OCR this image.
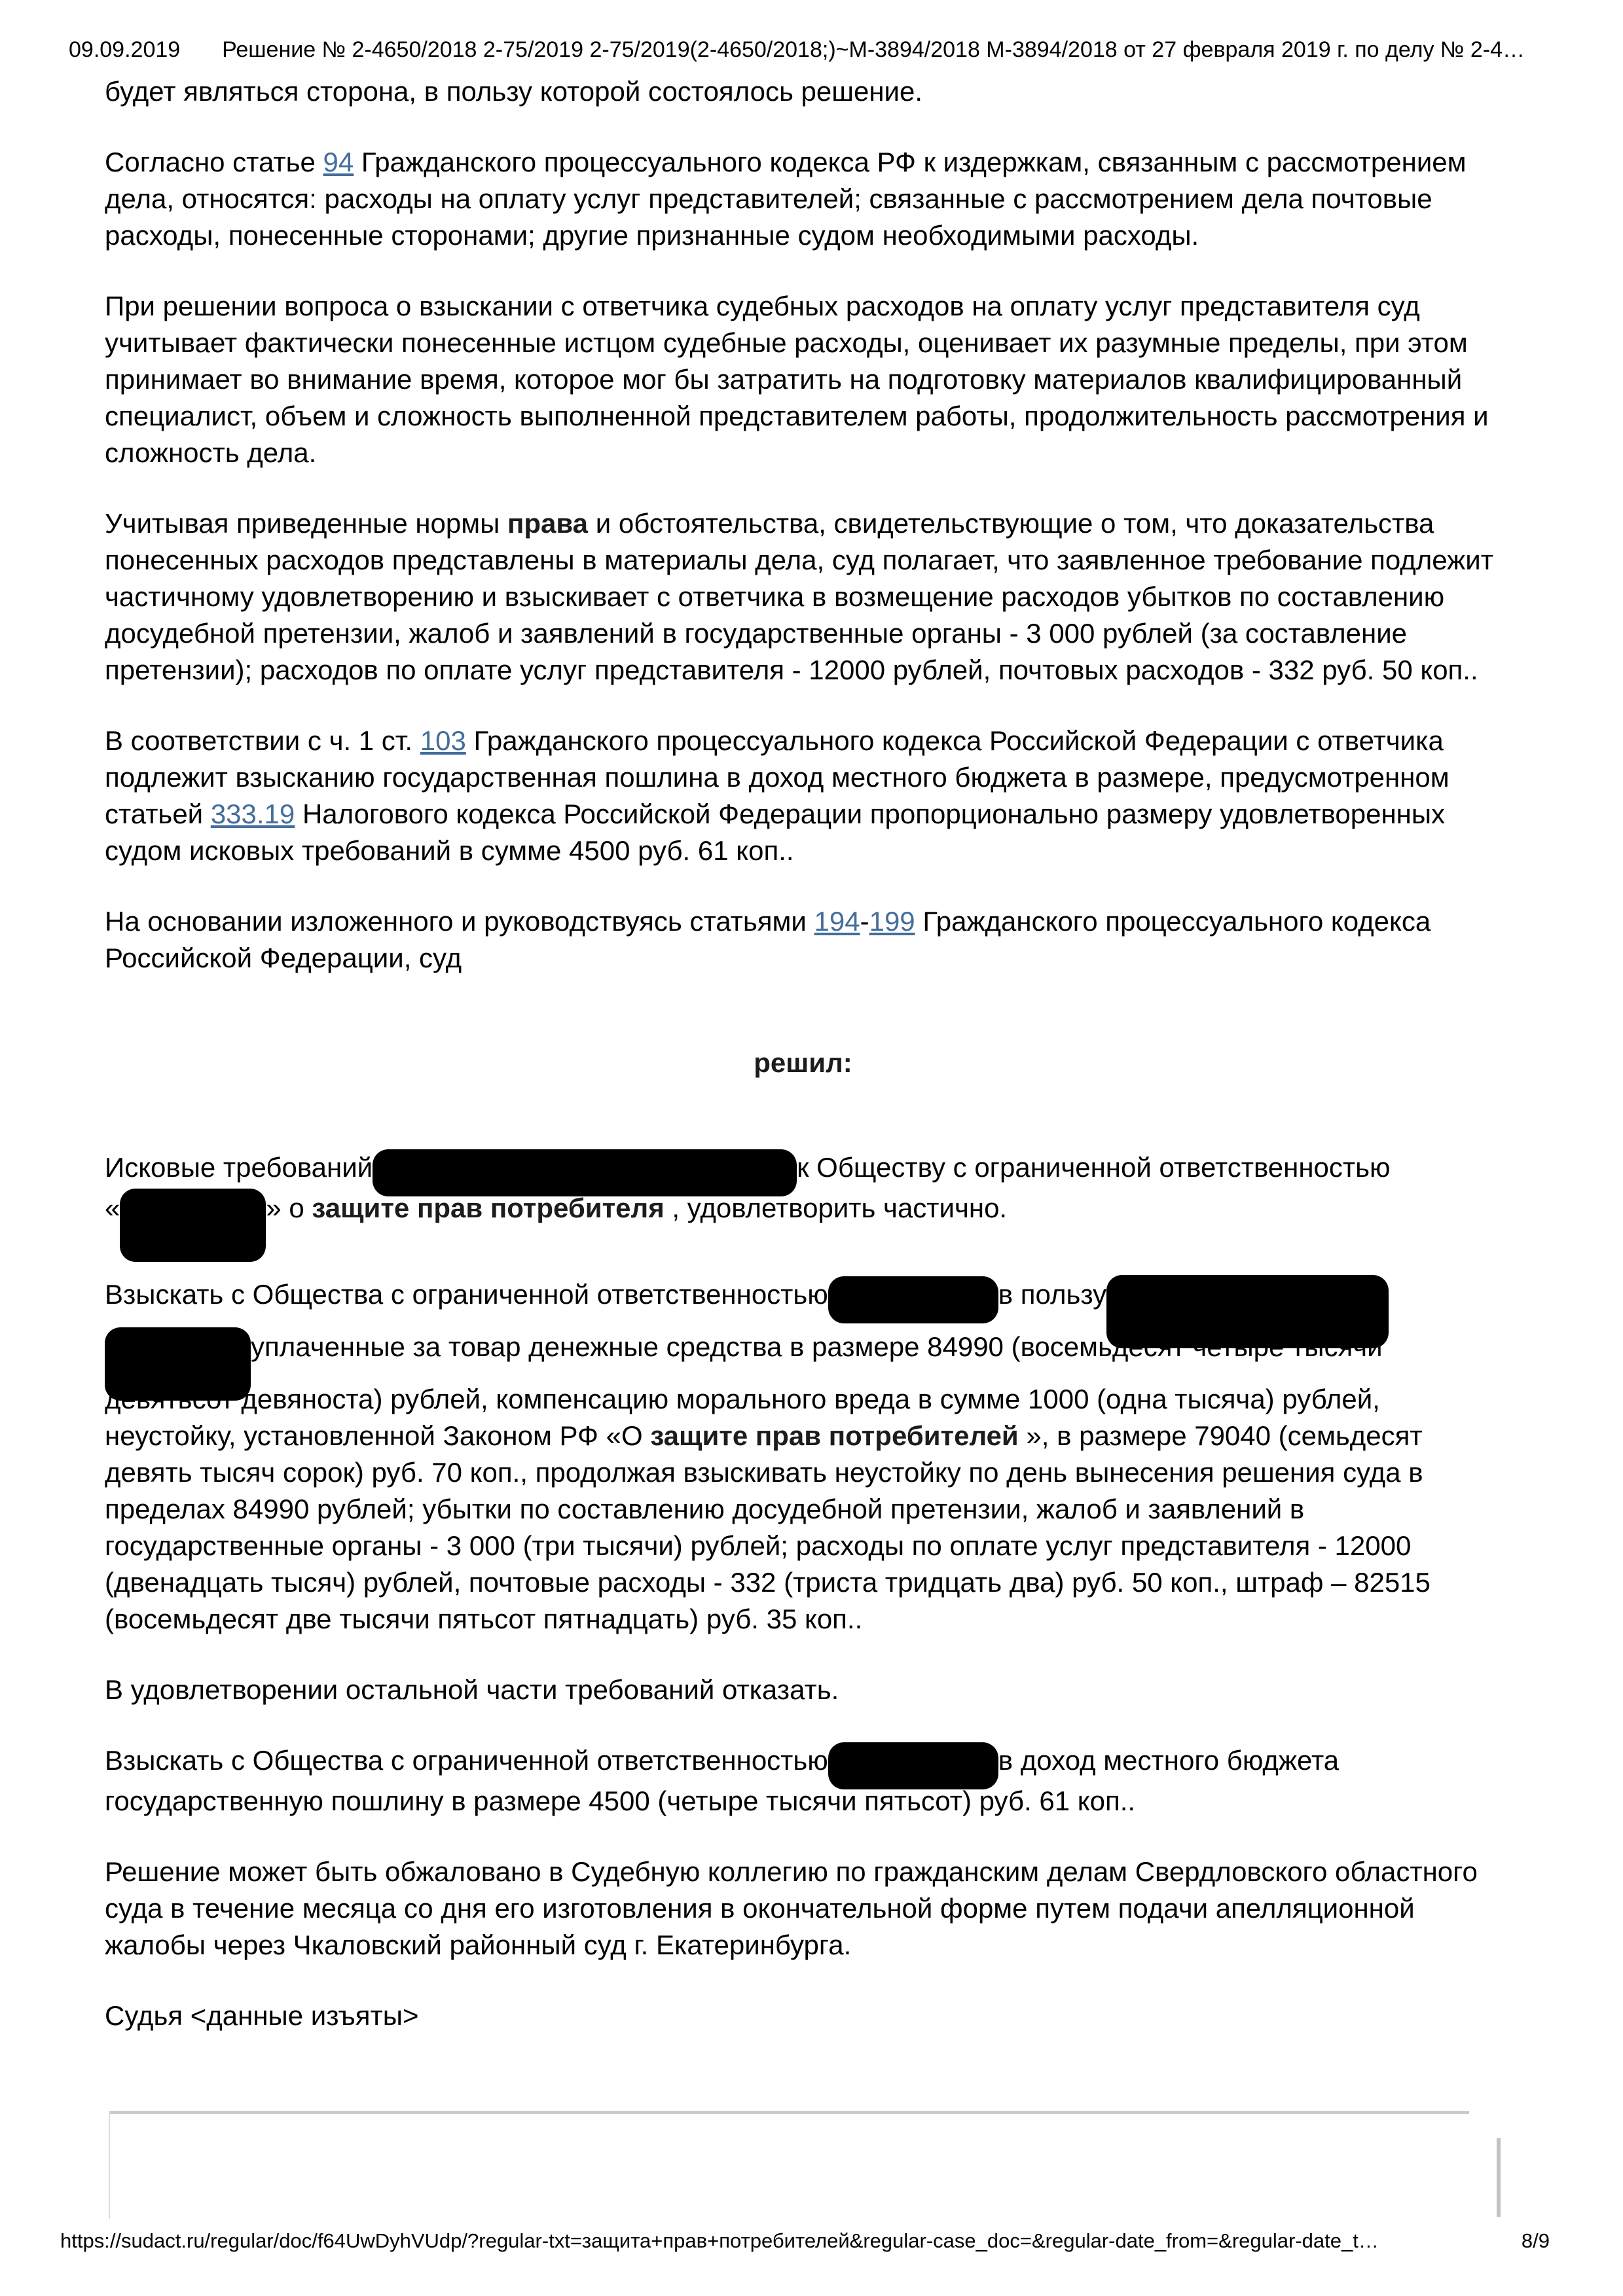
09.09.2019	Решение № 2-4650/2018 2-75/2019 2-75/2019(2-4650/2018;)~М-3894/2018 М-3894/2018 от 27 февраля 2019 г. по делу № 2-4…
будет являться сторона, в пользу которой состоялось решение.
Согласно статье 94 Гражданского процессуального кодекса РФ к издержкам, связанным с рассмотрением дела, относятся: расходы на оплату услуг представителей; связанные с рассмотрением дела почтовые расходы, понесенные сторонами; другие признанные судом необходимыми расходы.
При решении вопроса о взыскании с ответчика судебных расходов на оплату услуг представителя суд учитывает фактически понесенные истцом судебные расходы, оценивает их разумные пределы, при этом принимает во внимание время, которое мог бы затратить на подготовку материалов квалифицированный специалист, объем и сложность выполненной представителем работы, продолжительность рассмотрения и сложность дела.
Учитывая приведенные нормы права и обстоятельства, свидетельствующие о том, что доказательства понесенных расходов представлены в материалы дела, суд полагает, что заявленное требование подлежит частичному удовлетворению и взыскивает с ответчика в возмещение расходов убытков по составлению досудебной претензии, жалоб и заявлений в государственные органы - 3 000 рублей (за составление претензии); расходов по оплате услуг представителя - 12000 рублей, почтовых расходов - 332 руб. 50 коп..
В соответствии с ч. 1 ст. 103 Гражданского процессуального кодекса Российской Федерации с ответчика подлежит взысканию государственная пошлина в доход местного бюджета в размере, предусмотренном статьей 333.19 Налогового кодекса Российской Федерации пропорционально размеру удовлетворенных судом исковых требований в сумме 4500 руб. 61 коп..
На основании изложенного и руководствуясь статьями 194-199 Гражданского процессуального кодекса Российской Федерации, суд
решил:
Исковые требований	к Обществу с ограниченной ответственностью «	» о защите прав потребителя , удовлетворить частично.
Взыскать с Общества с ограниченной ответственностью	в пользу уплаченные за товар денежные средства в размере 84990 (восемьдесят четыре тысячи девятьсот девяноста) рублей, компенсацию морального вреда в сумме 1000 (одна тысяча) рублей, неустойку, установленной Законом РФ «О защите прав потребителей », в размере 79040 (семьдесят девять тысяч сорок) руб. 70 коп., продолжая взыскивать неустойку по день вынесения решения суда в пределах 84990 рублей; убытки по составлению досудебной претензии, жалоб и заявлений в государственные органы - 3 000 (три тысячи) рублей; расходы по оплате услуг представителя - 12000 (двенадцать тысяч) рублей, почтовые расходы - 332 (триста тридцать два) руб. 50 коп., штраф – 82515 (восемьдесят две тысячи пятьсот пятнадцать) руб. 35 коп..
В удовлетворении остальной части требований отказать.
Взыскать с Общества с ограниченной ответственностью	в доход местного бюджета государственную пошлину в размере 4500 (четыре тысячи пятьсот) руб. 61 коп..
Решение может быть обжаловано в Судебную коллегию по гражданским делам Свердловского областного суда в течение месяца со дня его изготовления в окончательной форме путем подачи апелляционной жалобы через Чкаловский районный суд г. Екатеринбурга.
Судья <данные изъяты>
https://sudact.ru/regular/doc/f64UwDyhVUdp/?regular-txt=защита+прав+потребителей&regular-case_doc=&regular-date_from=&regular-date_t…	8/9
